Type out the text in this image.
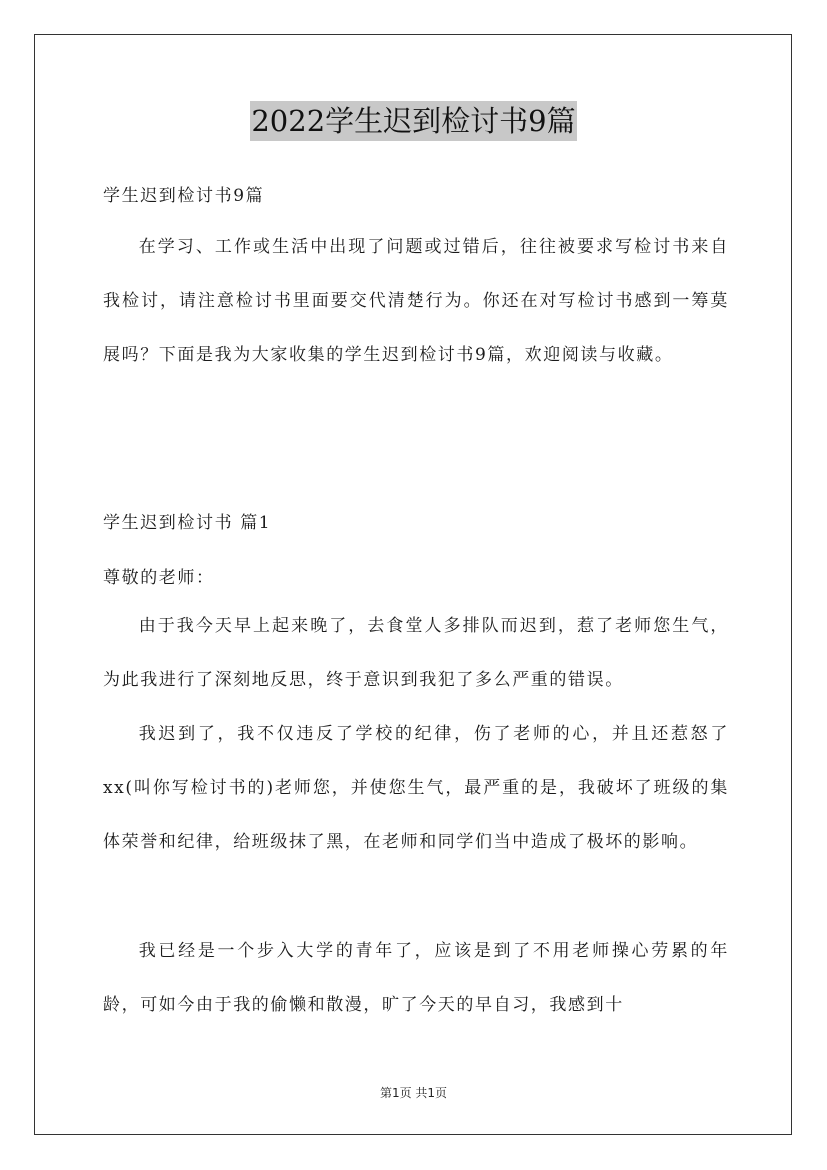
2022学生迟到检讨书9篇

学生迟到检讨书9篇

在学习、工作或生活中出现了问题或过错后，往往被要求写检讨书来自我检讨，请注意检讨书里面要交代清楚行为。你还在对写检讨书感到一筹莫展吗？下面是我为大家收集的学生迟到检讨书9篇，欢迎阅读与收藏。

学生迟到检讨书 篇1

尊敬的老师：

由于我今天早上起来晚了，去食堂人多排队而迟到，惹了老师您生气，为此我进行了深刻地反思，终于意识到我犯了多么严重的错误。

我迟到了，我不仅违反了学校的纪律，伤了老师的心，并且还惹怒了xx(叫你写检讨书的)老师您，并使您生气，最严重的是，我破坏了班级的集体荣誉和纪律，给班级抹了黑，在老师和同学们当中造成了极坏的影响。

我已经是一个步入大学的青年了，应该是到了不用老师操心劳累的年龄，可如今由于我的偷懒和散漫，旷了今天的早自习，我感到十

第1页 共1页
